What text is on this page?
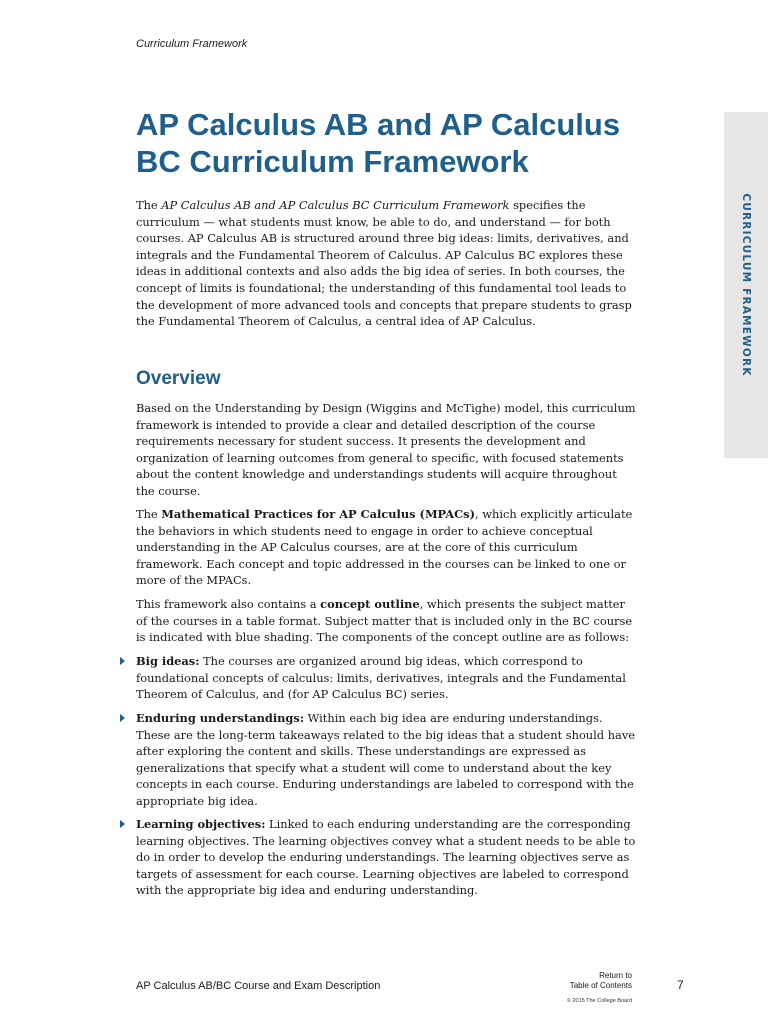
Curriculum Framework
CURRICULUM FRAMEWORK
AP Calculus AB and AP Calculus
BC Curriculum Framework

The AP Calculus AB and AP Calculus BC Curriculum Framework specifies the curriculum — what students must know, be able to do, and understand — for both courses. AP Calculus AB is structured around three big ideas: limits, derivatives, and integrals and the Fundamental Theorem of Calculus. AP Calculus BC explores these ideas in additional contexts and also adds the big idea of series. In both courses, the concept of limits is foundational; the understanding of this fundamental tool leads to the development of more advanced tools and concepts that prepare students to grasp the Fundamental Theorem of Calculus, a central idea of AP Calculus.

Overview

Based on the Understanding by Design (Wiggins and McTighe) model, this curriculum framework is intended to provide a clear and detailed description of the course requirements necessary for student success. It presents the development and organization of learning outcomes from general to specific, with focused statements about the content knowledge and understandings students will acquire throughout the course.

The Mathematical Practices for AP Calculus (MPACs), which explicitly articulate the behaviors in which students need to engage in order to achieve conceptual understanding in the AP Calculus courses, are at the core of this curriculum framework. Each concept and topic addressed in the courses can be linked to one or more of the MPACs.

This framework also contains a concept outline, which presents the subject matter of the courses in a table format. Subject matter that is included only in the BC course is indicated with blue shading. The components of the concept outline are as follows:

Big ideas: The courses are organized around big ideas, which correspond to foundational concepts of calculus: limits, derivatives, integrals and the Fundamental Theorem of Calculus, and (for AP Calculus BC) series.

Enduring understandings: Within each big idea are enduring understandings. These are the long-term takeaways related to the big ideas that a student should have after exploring the content and skills. These understandings are expressed as generalizations that specify what a student will come to understand about the key concepts in each course. Enduring understandings are labeled to correspond with the appropriate big idea.

Learning objectives: Linked to each enduring understanding are the corresponding learning objectives. The learning objectives convey what a student needs to be able to do in order to develop the enduring understandings. The learning objectives serve as targets of assessment for each course. Learning objectives are labeled to correspond with the appropriate big idea and enduring understanding.

AP Calculus AB/BC Course and Exam Description
Return to
Table of Contents
© 2015 The College Board
7
